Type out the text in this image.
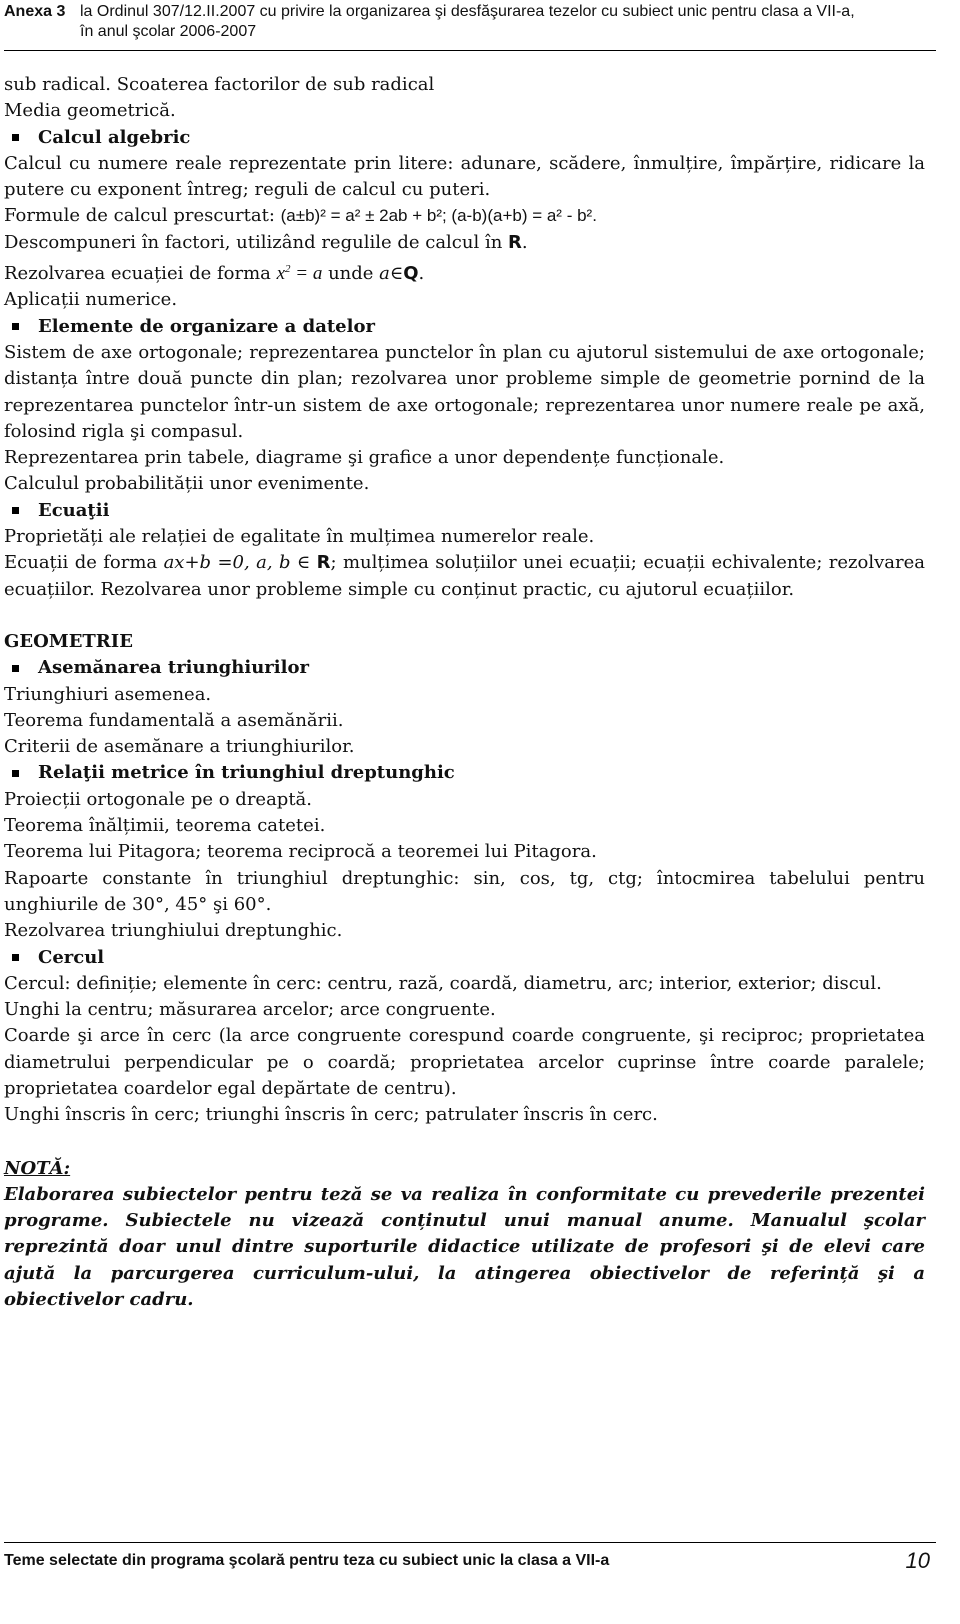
Anexa 3 la Ordinul 307/12.II.2007 cu privire la organizarea şi desfăşurarea tezelor cu subiect unic pentru clasa a VII-a,
în anul şcolar 2006-2007

sub radical. Scoaterea factorilor de sub radical

Media geometrică.

Calcul algebric

Calcul cu numere reale reprezentate prin litere: adunare, scădere, înmulțire, împărțire, ridicare la putere cu exponent întreg; reguli de calcul cu puteri.

Formule de calcul prescurtat: (a±b)² = a² ± 2ab + b²; (a-b)(a+b) = a² - b².

Descompuneri în factori, utilizând regulile de calcul în R.

Rezolvarea ecuației de forma $x^2 = a$ unde a∈Q.

Aplicații numerice.

Elemente de organizare a datelor

Sistem de axe ortogonale; reprezentarea punctelor în plan cu ajutorul sistemului de axe ortogonale; distanța între două puncte din plan; rezolvarea unor probleme simple de geometrie pornind de la reprezentarea punctelor într-un sistem de axe ortogonale; reprezentarea unor numere reale pe axă, folosind rigla şi compasul.

Reprezentarea prin tabele, diagrame şi grafice a unor dependențe funcționale.

Calculul probabilității unor evenimente.

Ecuaţii

Proprietăți ale relației de egalitate în mulțimea numerelor reale.

Ecuații de forma ax+b =0, a, b ∈ R; mulțimea soluțiilor unei ecuații; ecuații echivalente; rezolvarea ecuațiilor. Rezolvarea unor probleme simple cu conținut practic, cu ajutorul ecuațiilor.

GEOMETRIE

Asemănarea triunghiurilor

Triunghiuri asemenea.

Teorema fundamentală a asemănării.

Criterii de asemănare a triunghiurilor.

Relaţii metrice în triunghiul dreptunghic

Proiecții ortogonale pe o dreaptă.

Teorema înălțimii, teorema catetei.

Teorema lui Pitagora; teorema reciprocă a teoremei lui Pitagora.

Rapoarte constante în triunghiul dreptunghic: sin, cos, tg, ctg; întocmirea tabelului pentru unghiurile de 30°, 45° şi 60°.

Rezolvarea triunghiului dreptunghic.

Cercul

Cercul: definiție; elemente în cerc: centru, rază, coardă, diametru, arc; interior, exterior; discul.

Unghi la centru; măsurarea arcelor; arce congruente.

Coarde şi arce în cerc (la arce congruente corespund coarde congruente, şi reciproc; proprietatea diametrului perpendicular pe o coardă; proprietatea arcelor cuprinse între coarde paralele; proprietatea coardelor egal depărtate de centru).

Unghi înscris în cerc; triunghi înscris în cerc; patrulater înscris în cerc.

NOTĂ:

Elaborarea subiectelor pentru teză se va realiza în conformitate cu prevederile prezentei programe. Subiectele nu vizează conținutul unui manual anume. Manualul şcolar reprezintă doar unul dintre suporturile didactice utilizate de profesori şi de elevi care ajută la parcurgerea curriculum-ului, la atingerea obiectivelor de referință şi a obiectivelor cadru.

Teme selectate din programa şcolară pentru teza cu subiect unic la clasa a VII-a	10
